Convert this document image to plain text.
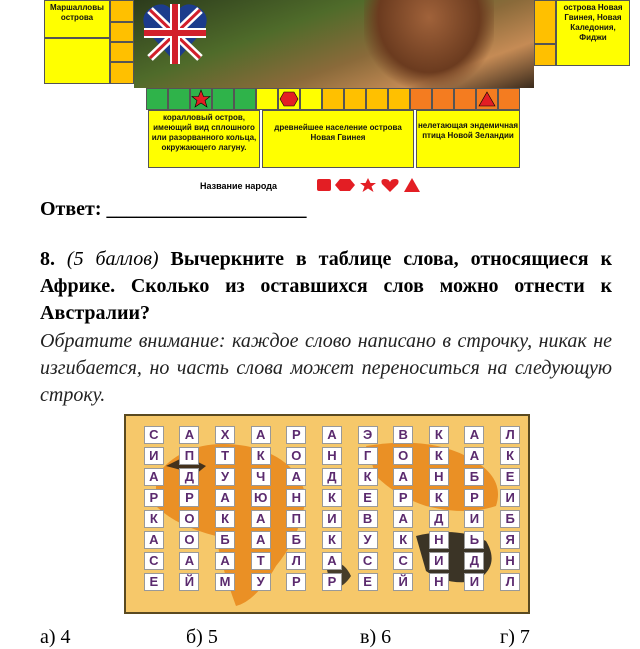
Маршалловы острова
острова Новая Гвинея, Новая Каледония, Фиджи
коралловый остров, имеющий вид сплошного или разорванного кольца, окружающего лагуну.
древнейшее население острова Новая Гвинея
нелетающая эндемичная птица Новой Зеландии
Название народа
Ответ: ____________________
8. (5 баллов) Вычеркните в таблице слова, относящиеся к Африке. Сколько из оставшихся слов можно отнести к Австралии?
Обратите внимание: каждое слово написано в строчку, никак не изгибается, но часть слова может переноситься на следующую строку.
С	А	Х	А	Р	А	Э	В	К	А	Л
И	П	Т	К	О	Н	Г	О	К	А	К
А	Д	У	Ч	А	Д	К	А	Н	Б	Е
Р	Р	А	Ю	Н	К	Е	Р	К	Р	И
К	О	К	А	П	И	В	А	Д	И	Б
А	О	Б	А	Б	К	У	К	Н	Ь	Я
С	А	А	Т	Л	А	С	С	И	Д	Н
Е	Й	М	У	Р	Р	Е	Й	Н	И	Л
а) 4	б) 5	в) 6	г) 7
